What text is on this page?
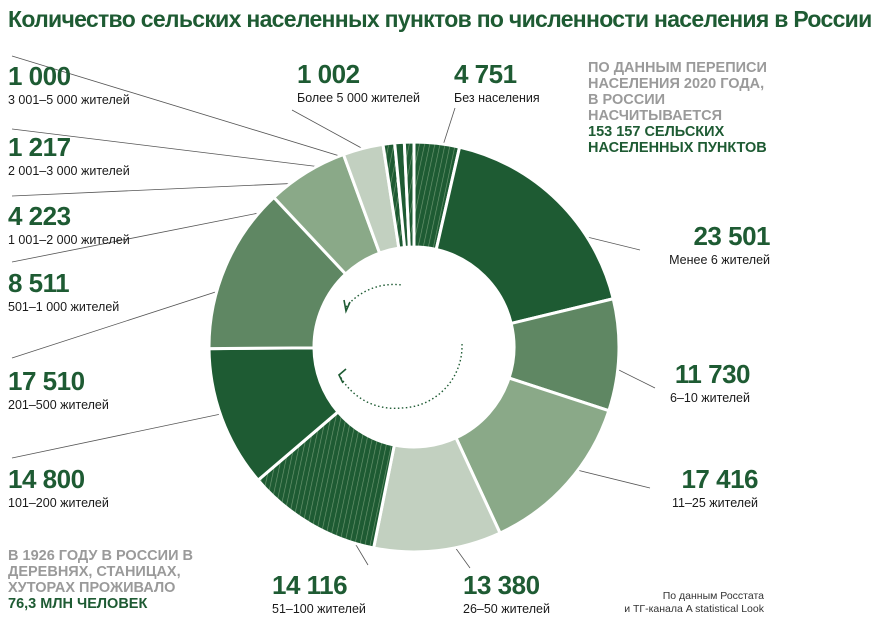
Количество сельских населенных пунктов по численности населения в России
1 002
Более 5 000 жителей
4 751
Без населения
1 000
3 001–5 000 жителей
1 217
2 001–3 000 жителей
4 223
1 001–2 000 жителей
8 511
501–1 000 жителей
17 510
201–500 жителей
14 800
101–200 жителей
14 116
51–100 жителей
13 380
26–50 жителей
23 501
Менее 6 жителей
11 730
6–10 жителей
17 416
11–25 жителей
ПО ДАННЫМ ПЕРЕПИСИ НАСЕЛЕНИЯ 2020 ГОДА, В РОССИИ НАСЧИТЫВАЕТСЯ
153 157 СЕЛЬСКИХ НАСЕЛЕННЫХ ПУНКТОВ
В 1926 ГОДУ В РОССИИ В ДЕРЕВНЯХ, СТАНИЦАХ, ХУТОРАХ ПРОЖИВАЛО
76,3 МЛН ЧЕЛОВЕК	По данным Росстата
и ТГ-канала A statistical Look
